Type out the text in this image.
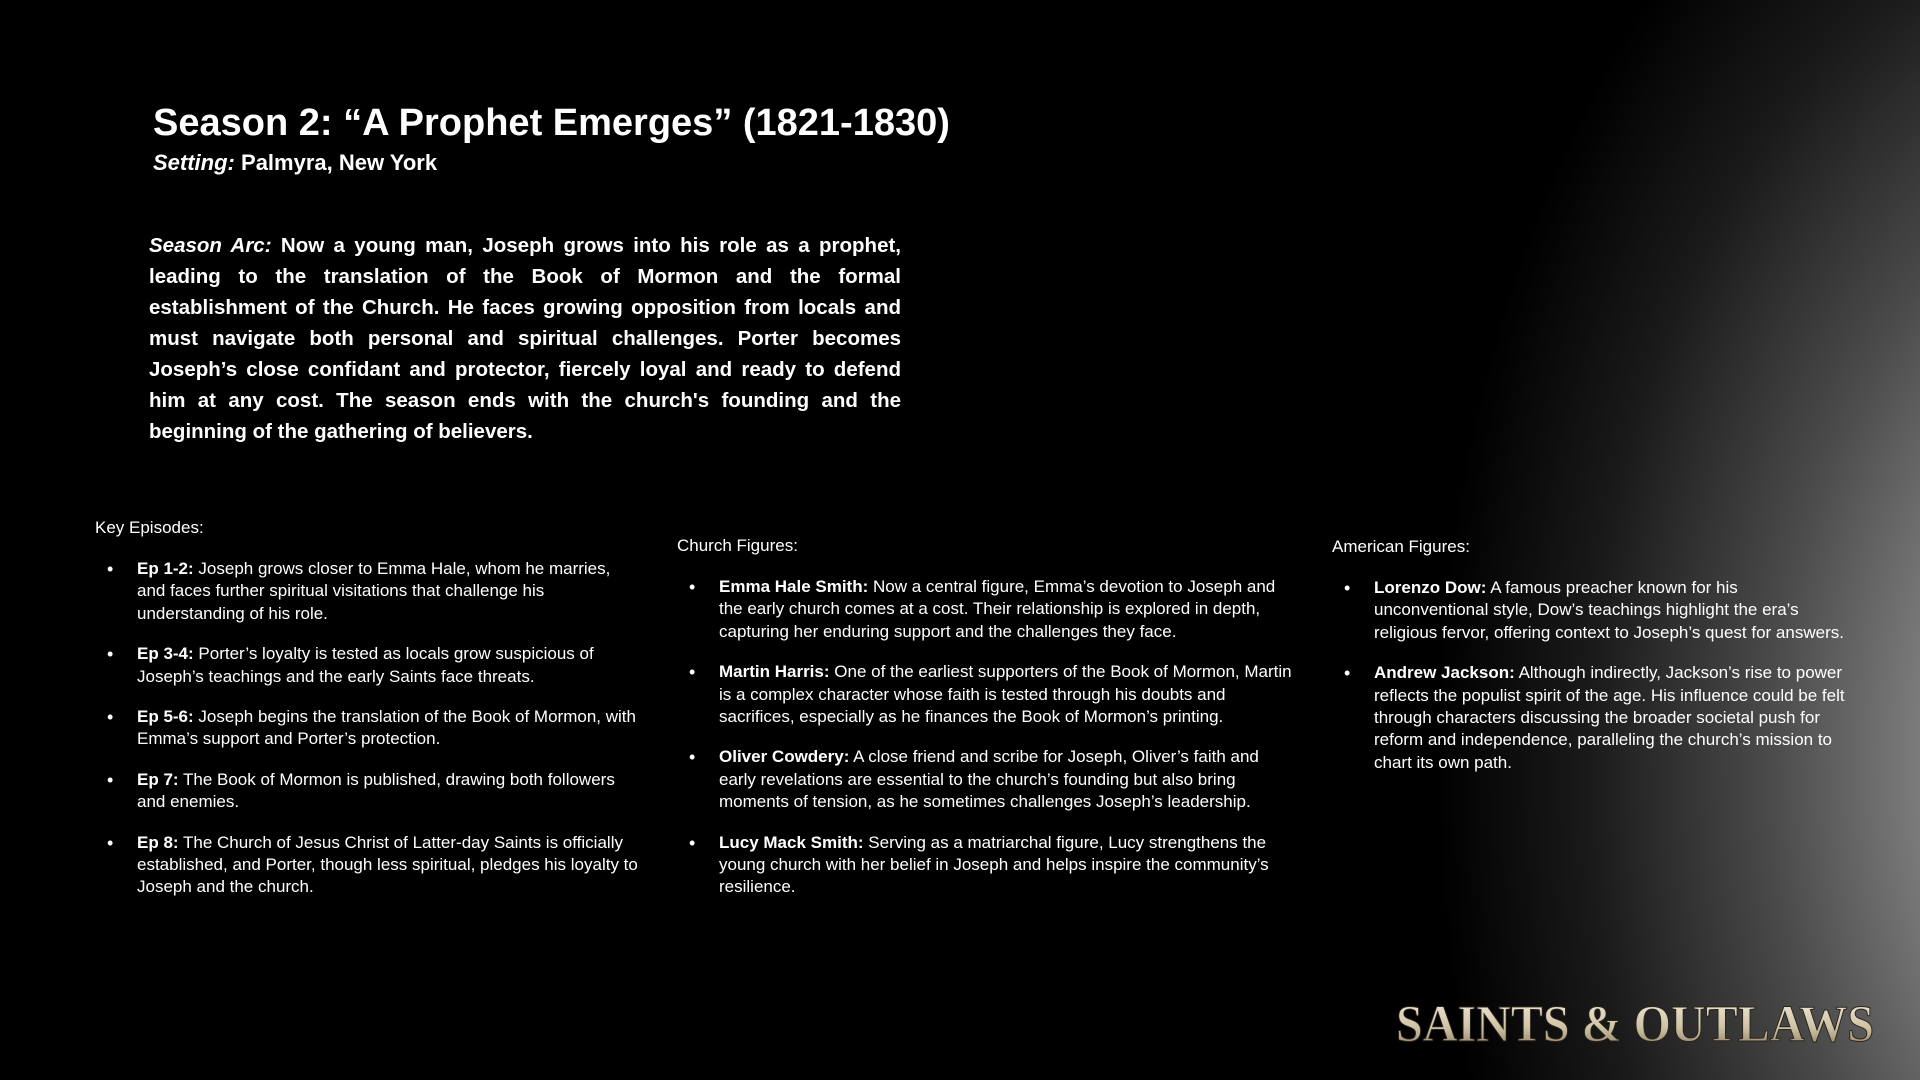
Season 2: “A Prophet Emerges” (1821-1830)
Setting: Palmyra, New York

Season Arc: Now a young man, Joseph grows into his role as a prophet, leading to the translation of the Book of Mormon and the formal establishment of the Church. He faces growing opposition from locals and must navigate both personal and spiritual challenges. Porter becomes Joseph’s close confidant and protector, fiercely loyal and ready to defend him at any cost. The season ends with the church's founding and the beginning of the gathering of believers.

Key Episodes:

• Ep 1-2: Joseph grows closer to Emma Hale, whom he marries, and faces further spiritual visitations that challenge his understanding of his role.
• Ep 3-4: Porter’s loyalty is tested as locals grow suspicious of Joseph’s teachings and the early Saints face threats.
• Ep 5-6: Joseph begins the translation of the Book of Mormon, with Emma’s support and Porter’s protection.
• Ep 7: The Book of Mormon is published, drawing both followers and enemies.
• Ep 8: The Church of Jesus Christ of Latter-day Saints is officially established, and Porter, though less spiritual, pledges his loyalty to Joseph and the church.

Church Figures:

• Emma Hale Smith: Now a central figure, Emma’s devotion to Joseph and the early church comes at a cost. Their relationship is explored in depth, capturing her enduring support and the challenges they face.
• Martin Harris: One of the earliest supporters of the Book of Mormon, Martin is a complex character whose faith is tested through his doubts and sacrifices, especially as he finances the Book of Mormon’s printing.
• Oliver Cowdery: A close friend and scribe for Joseph, Oliver’s faith and early revelations are essential to the church’s founding but also bring moments of tension, as he sometimes challenges Joseph’s leadership.
• Lucy Mack Smith: Serving as a matriarchal figure, Lucy strengthens the young church with her belief in Joseph and helps inspire the community’s resilience.

American Figures:

• Lorenzo Dow: A famous preacher known for his unconventional style, Dow’s teachings highlight the era’s religious fervor, offering context to Joseph’s quest for answers.
• Andrew Jackson: Although indirectly, Jackson’s rise to power reflects the populist spirit of the age. His influence could be felt through characters discussing the broader societal push for reform and independence, paralleling the church’s mission to chart its own path.
SAINTS & OUTLAWS
